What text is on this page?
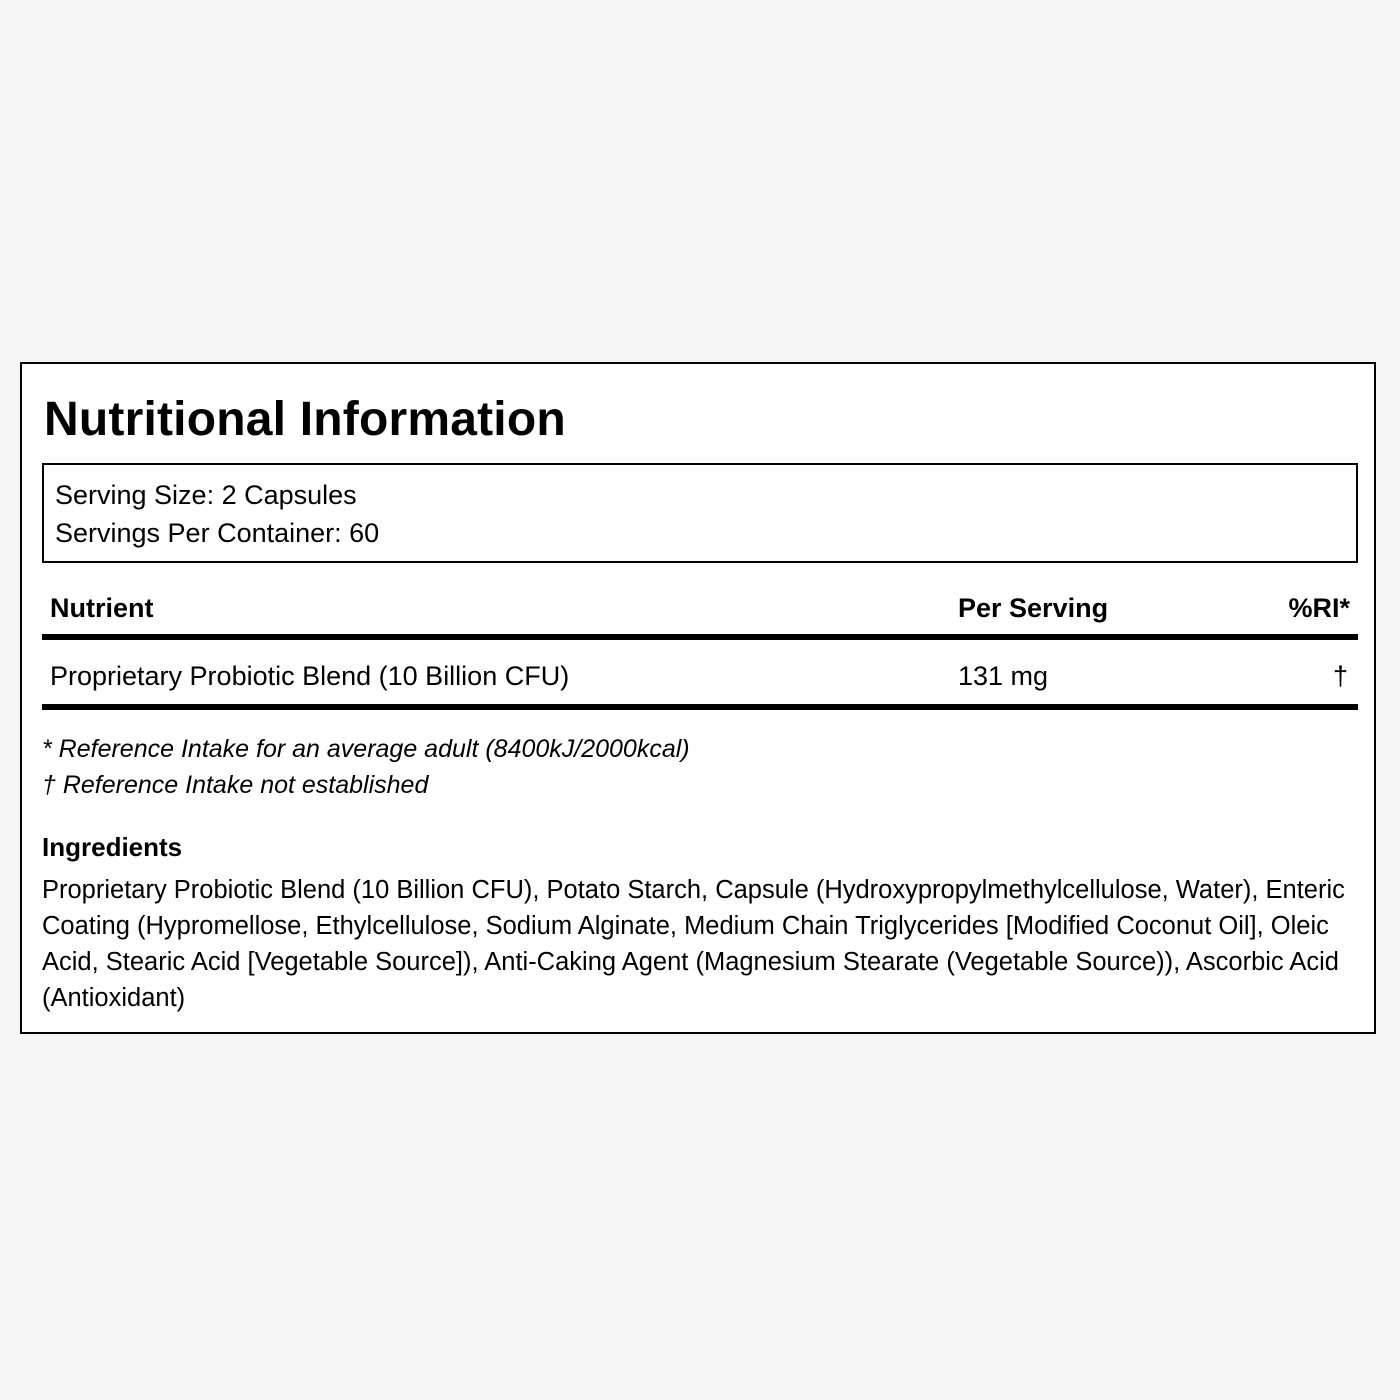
Nutritional Information
Serving Size: 2 Capsules
Servings Per Container: 60
Nutrient	Per Serving	%RI*
Proprietary Probiotic Blend (10 Billion CFU)	131 mg	†
* Reference Intake for an average adult (8400kJ/2000kcal)
† Reference Intake not established
Ingredients

Proprietary Probiotic Blend (10 Billion CFU), Potato Starch, Capsule (Hydroxypropylmethylcellulose, Water), Enteric Coating (Hypromellose, Ethylcellulose, Sodium Alginate, Medium Chain Triglycerides [Modified Coconut Oil], Oleic Acid, Stearic Acid [Vegetable Source]), Anti-Caking Agent (Magnesium Stearate (Vegetable Source)), Ascorbic Acid (Antioxidant)
